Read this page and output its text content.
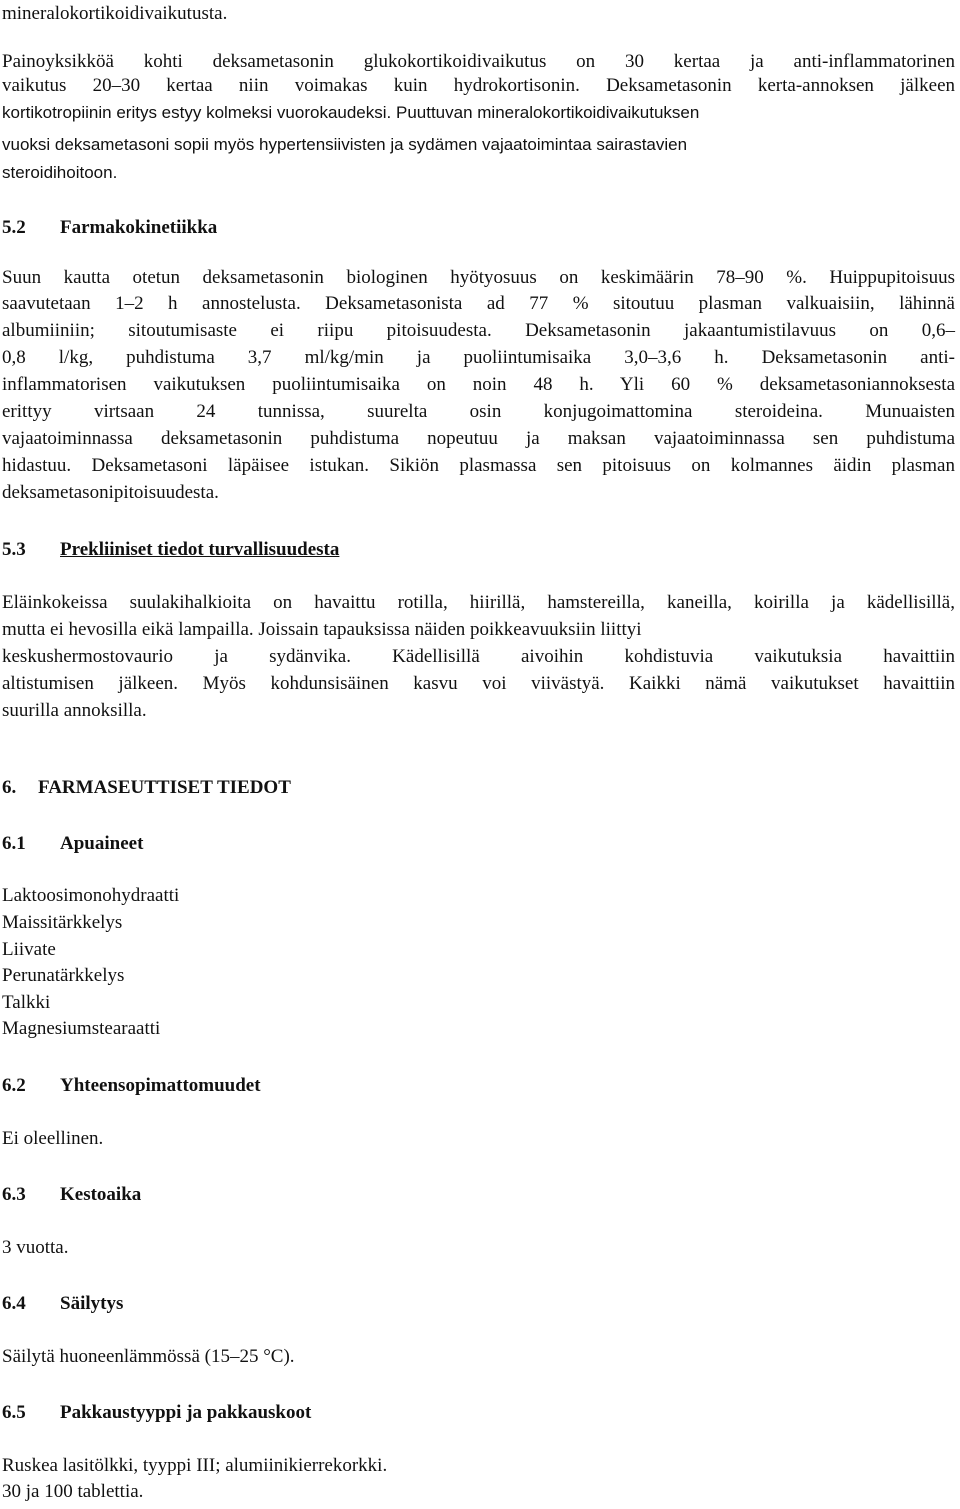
mineralokortikoidivaikutusta.
Painoyksikköä kohti deksametasonin glukokortikoidivaikutus on 30 kertaa ja anti-inflammatorinen
vaikutus 20–30 kertaa niin voimakas kuin hydrokortisonin. Deksametasonin kerta-annoksen jälkeen
kortikotropiinin eritys estyy kolmeksi vuorokaudeksi. Puuttuvan mineralokortikoidivaikutuksen
vuoksi deksametasoni sopii myös hypertensiivisten ja sydämen vajaatoimintaa sairastavien
steroidihoitoon.
5.2 Farmakokinetiikka
Suun kautta otetun deksametasonin biologinen hyötyosuus on keskimäärin 78–90 %. Huippupitoisuus
saavutetaan 1–2 h annostelusta. Deksametasonista ad 77 % sitoutuu plasman valkuaisiin, lähinnä
albumiiniin; sitoutumisaste ei riipu pitoisuudesta. Deksametasonin jakaantumistilavuus on 0,6–
0,8 l/kg, puhdistuma 3,7 ml/kg/min ja puoliintumisaika 3,0–3,6 h. Deksametasonin anti-
inflammatorisen vaikutuksen puoliintumisaika on noin 48 h. Yli 60 % deksametasoniannoksesta
erittyy virtsaan 24 tunnissa, suurelta osin konjugoimattomina steroideina. Munuaisten
vajaatoiminnassa deksametasonin puhdistuma nopeutuu ja maksan vajaatoiminnassa sen puhdistuma
hidastuu. Deksametasoni läpäisee istukan. Sikiön plasmassa sen pitoisuus on kolmannes äidin plasman
deksametasonipitoisuudesta.
5.3 Prekliiniset tiedot turvallisuudesta
Eläinkokeissa suulakihalkioita on havaittu rotilla, hiirillä, hamstereilla, kaneilla, koirilla ja kädellisillä,
mutta ei hevosilla eikä lampailla. Joissain tapauksissa näiden poikkeavuuksiin liittyi
keskushermostovaurio ja sydänvika. Kädellisillä aivoihin kohdistuvia vaikutuksia havaittiin
altistumisen jälkeen. Myös kohdunsisäinen kasvu voi viivästyä. Kaikki nämä vaikutukset havaittiin
suurilla annoksilla.
6. FARMASEUTTISET TIEDOT
6.1 Apuaineet
Laktoosimonohydraatti
Maissitärkkelys
Liivate
Perunatärkkelys
Talkki
Magnesiumstearaatti
6.2 Yhteensopimattomuudet
Ei oleellinen.
6.3 Kestoaika
3 vuotta.
6.4 Säilytys
Säilytä huoneenlämmössä (15–25 °C).
6.5 Pakkaustyyppi ja pakkauskoot
Ruskea lasitölkki, tyyppi III; alumiinikierrekorkki.
30 ja 100 tablettia.
